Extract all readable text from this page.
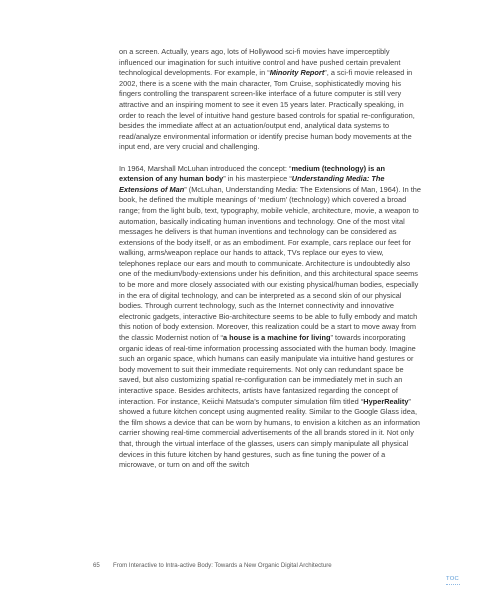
on a screen. Actually, years ago, lots of Hollywood sci-fi movies have imperceptibly influenced our imagination for such intuitive control and have pushed certain prevalent technological developments. For example, in “Minority Report”, a sci-fi movie released in 2002, there is a scene with the main character, Tom Cruise, sophisticatedly moving his fingers controlling the transparent screen-like interface of a future computer is still very attractive and an inspiring moment to see it even 15 years later. Practically speaking, in order to reach the level of intuitive hand gesture based controls for spatial re-configuration, besides the immediate affect at an actuation/output end, analytical data systems to read/analyze environmental information or identify precise human body movements at the input end, are very crucial and challenging.

In 1964, Marshall McLuhan introduced the concept: “medium (technology) is an extension of any human body” in his masterpiece “Understanding Media: The Extensions of Man” (McLuhan, Understanding Media: The Extensions of Man, 1964). In the book, he defined the multiple meanings of ‘medium’ (technology) which covered a broad range; from the light bulb, text, typography, mobile vehicle, architecture, movie, a weapon to automation, basically indicating human inventions and technology. One of the most vital messages he delivers is that human inventions and technology can be considered as extensions of the body itself, or as an embodiment. For example, cars replace our feet for walking, arms/weapon replace our hands to attack, TVs replace our eyes to view, telephones replace our ears and mouth to communicate. Architecture is undoubtedly also one of the medium/body-extensions under his definition, and this architectural space seems to be more and more closely associated with our existing physical/human bodies, especially in the era of digital technology, and can be interpreted as a second skin of our physical bodies. Through current technology, such as the Internet connectivity and innovative electronic gadgets, interactive Bio-architecture seems to be able to fully embody and match this notion of body extension. Moreover, this realization could be a start to move away from the classic Modernist notion of “a house is a machine for living” towards incorporating organic ideas of real-time information processing associated with the human body. Imagine such an organic space, which humans can easily manipulate via intuitive hand gestures or body movement to suit their immediate requirements. Not only can redundant space be saved, but also customizing spatial re-configuration can be immediately met in such an interactive space. Besides architects, artists have fantasized regarding the concept of interaction. For instance, Keiichi Matsuda’s computer simulation film titled “HyperReality” showed a future kitchen concept using augmented reality. Similar to the Google Glass idea, the film shows a device that can be worn by humans, to envision a kitchen as an information carrier showing real-time commercial advertisements of the all brands stored in it. Not only that, through the virtual interface of the glasses, users can simply manipulate all physical devices in this future kitchen by hand gestures, such as fine tuning the power of a microwave, or turn on and off the switch

65 From Interactive to Intra-active Body: Towards a New Organic Digital Architecture
TOC
